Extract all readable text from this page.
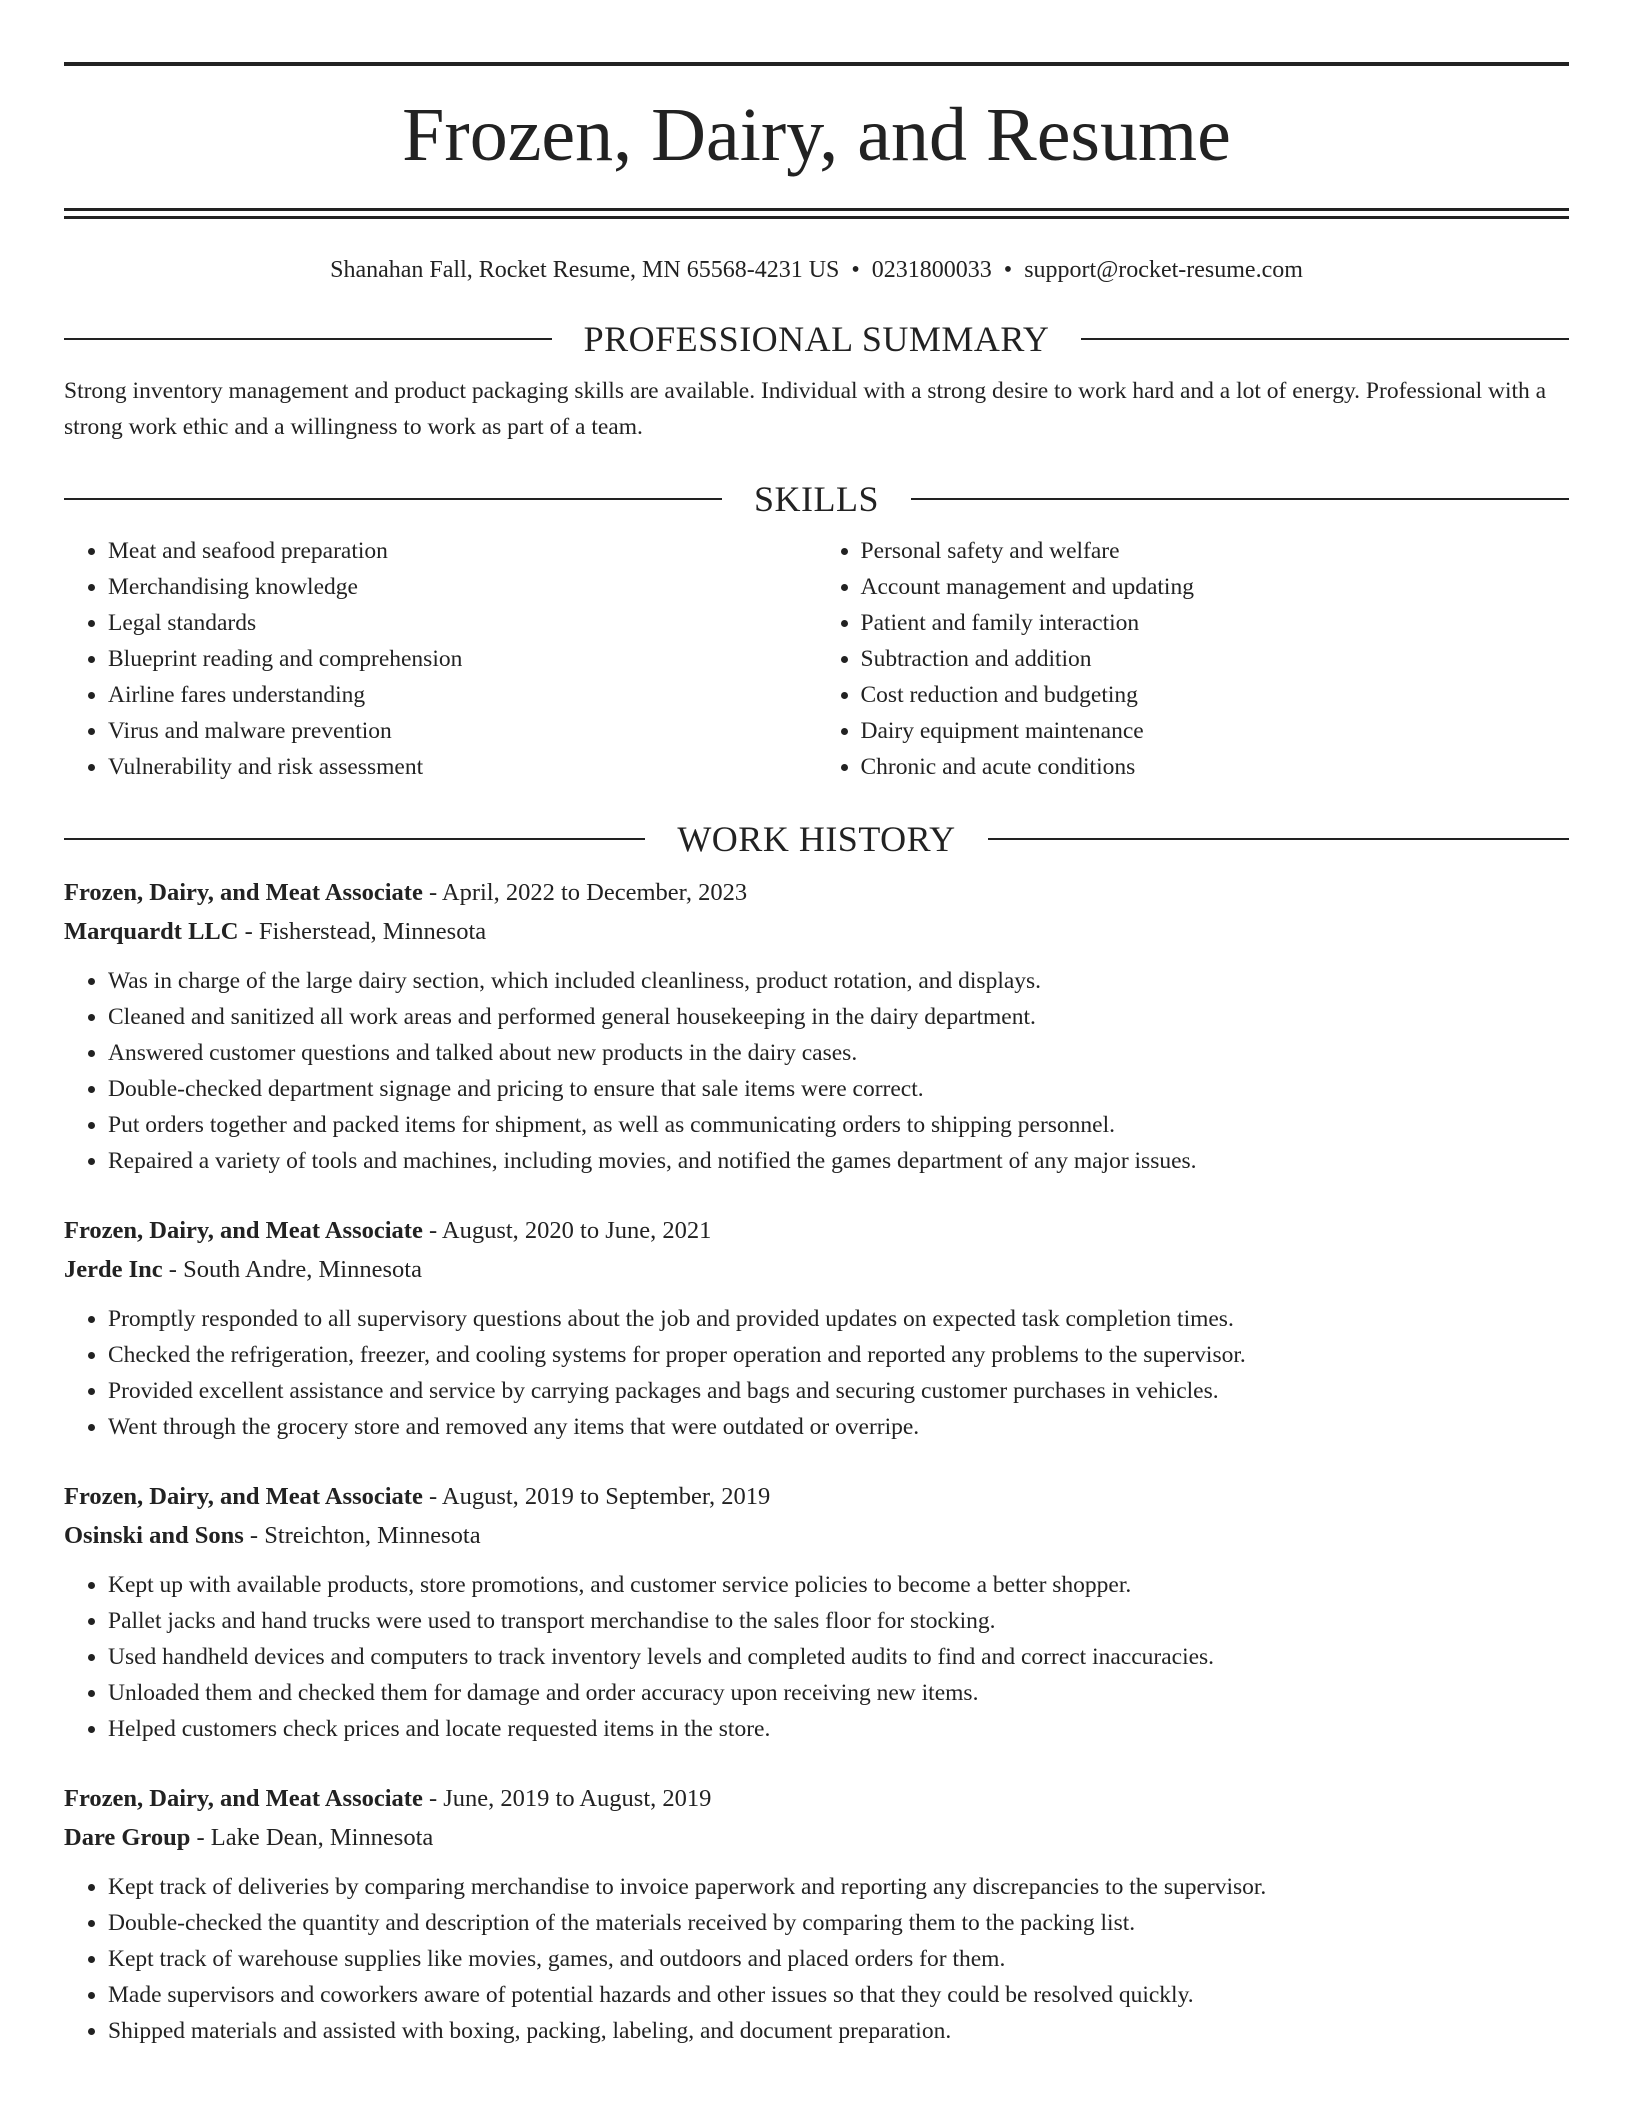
Frozen, Dairy, and Resume
Shanahan Fall, Rocket Resume, MN 65568-4231 US • 0231800033 • support@rocket-resume.com
PROFESSIONAL SUMMARY

Strong inventory management and product packaging skills are available. Individual with a strong desire to work hard and a lot of energy. Professional with a strong work ethic and a willingness to work as part of a team.

SKILLS
• Meat and seafood preparation
• Merchandising knowledge
• Legal standards
• Blueprint reading and comprehension
• Airline fares understanding
• Virus and malware prevention
• Vulnerability and risk assessment
• Personal safety and welfare
• Account management and updating
• Patient and family interaction
• Subtraction and addition
• Cost reduction and budgeting
• Dairy equipment maintenance
• Chronic and acute conditions
WORK HISTORY
Frozen, Dairy, and Meat Associate - April, 2022 to December, 2023
Marquardt LLC - Fisherstead, Minnesota
• Was in charge of the large dairy section, which included cleanliness, product rotation, and displays.
• Cleaned and sanitized all work areas and performed general housekeeping in the dairy department.
• Answered customer questions and talked about new products in the dairy cases.
• Double-checked department signage and pricing to ensure that sale items were correct.
• Put orders together and packed items for shipment, as well as communicating orders to shipping personnel.
• Repaired a variety of tools and machines, including movies, and notified the games department of any major issues.
Frozen, Dairy, and Meat Associate - August, 2020 to June, 2021
Jerde Inc - South Andre, Minnesota
• Promptly responded to all supervisory questions about the job and provided updates on expected task completion times.
• Checked the refrigeration, freezer, and cooling systems for proper operation and reported any problems to the supervisor.
• Provided excellent assistance and service by carrying packages and bags and securing customer purchases in vehicles.
• Went through the grocery store and removed any items that were outdated or overripe.
Frozen, Dairy, and Meat Associate - August, 2019 to September, 2019
Osinski and Sons - Streichton, Minnesota
• Kept up with available products, store promotions, and customer service policies to become a better shopper.
• Pallet jacks and hand trucks were used to transport merchandise to the sales floor for stocking.
• Used handheld devices and computers to track inventory levels and completed audits to find and correct inaccuracies.
• Unloaded them and checked them for damage and order accuracy upon receiving new items.
• Helped customers check prices and locate requested items in the store.
Frozen, Dairy, and Meat Associate - June, 2019 to August, 2019
Dare Group - Lake Dean, Minnesota
• Kept track of deliveries by comparing merchandise to invoice paperwork and reporting any discrepancies to the supervisor.
• Double-checked the quantity and description of the materials received by comparing them to the packing list.
• Kept track of warehouse supplies like movies, games, and outdoors and placed orders for them.
• Made supervisors and coworkers aware of potential hazards and other issues so that they could be resolved quickly.
• Shipped materials and assisted with boxing, packing, labeling, and document preparation.
